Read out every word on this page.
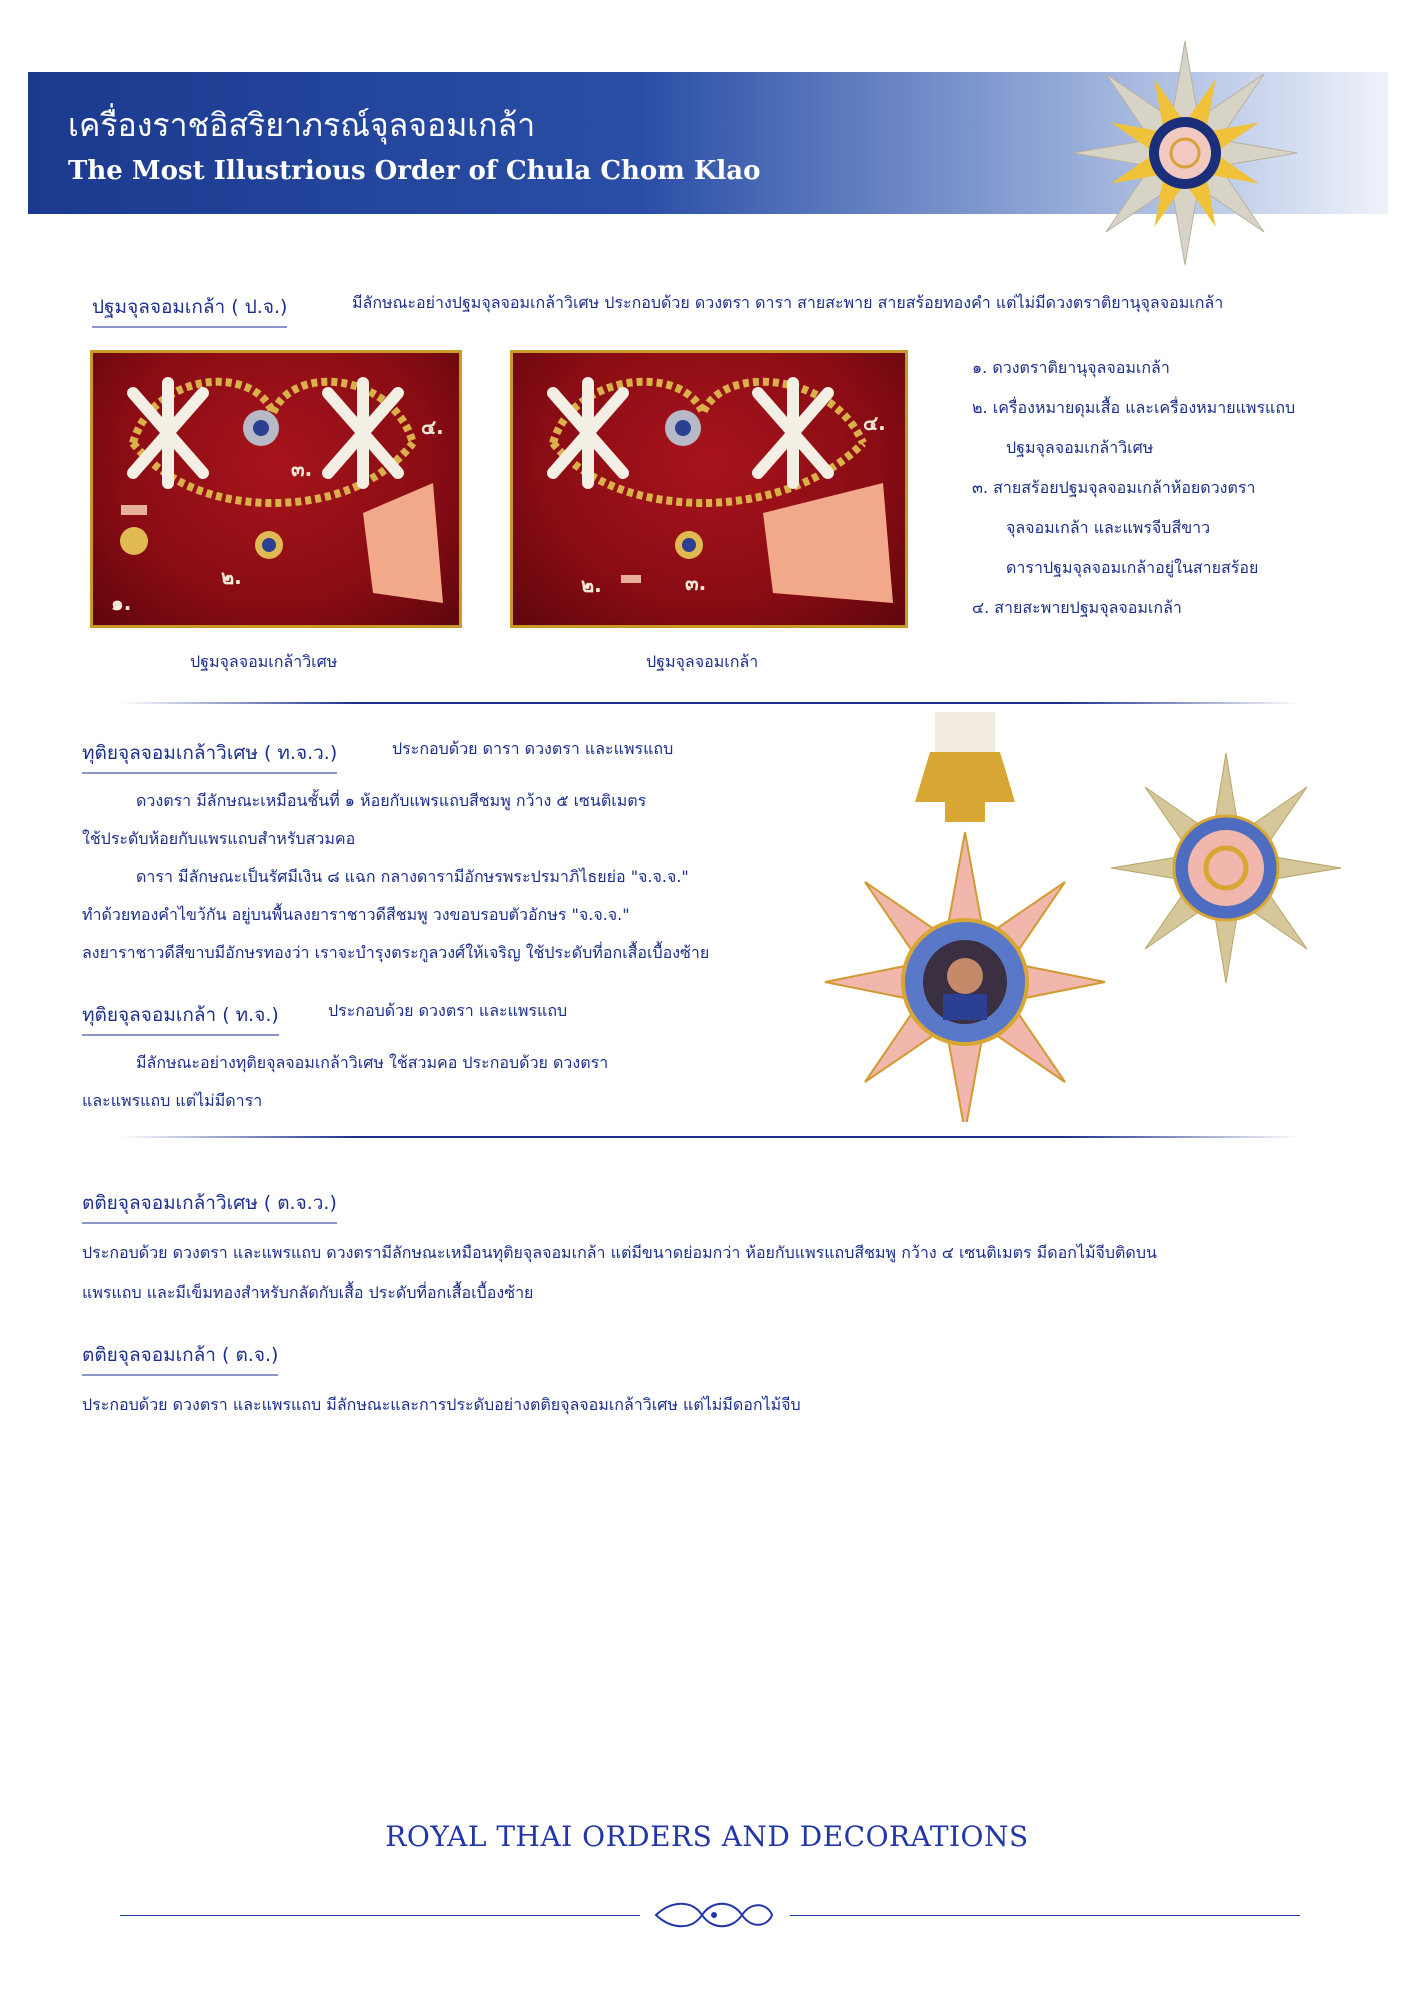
เครื่องราชอิสริยาภรณ์จุลจอมเกล้า
The Most Illustrious Order of Chula Chom Klao
ปฐมจุลจอมเกล้า ( ป.จ.)	มีลักษณะอย่างปฐมจุลจอมเกล้าวิเศษ ประกอบด้วย ดวงตรา ดารา สายสะพาย สายสร้อยทองคำ แต่ไม่มีดวงตราติยานุจุลจอมเกล้า
๑.
๒.
๓.
๔.
ปฐมจุลจอมเกล้าวิเศษ
๒.	๓.
๔.
ปฐมจุลจอมเกล้า
๑. ดวงตราติยานุจุลจอมเกล้า
๒. เครื่องหมายดุมเสื้อ และเครื่องหมายแพรแถบ
ปฐมจุลจอมเกล้าวิเศษ
๓. สายสร้อยปฐมจุลจอมเกล้าห้อยดวงตรา
จุลจอมเกล้า และแพรจีบสีขาว
ดาราปฐมจุลจอมเกล้าอยู่ในสายสร้อย
๔. สายสะพายปฐมจุลจอมเกล้า
ทุติยจุลจอมเกล้าวิเศษ ( ท.จ.ว.)	ประกอบด้วย ดารา ดวงตรา และแพรแถบ
ดวงตรา มีลักษณะเหมือนชั้นที่ ๑ ห้อยกับแพรแถบสีชมพู กว้าง ๕ เซนติเมตร
ใช้ประดับห้อยกับแพรแถบสำหรับสวมคอ
ดารา มีลักษณะเป็นรัศมีเงิน ๘ แฉก กลางดารามีอักษรพระปรมาภิไธยย่อ "จ.จ.จ."
ทำด้วยทองคำไขว้กัน อยู่บนพื้นลงยาราชาวดีสีชมพู วงขอบรอบตัวอักษร "จ.จ.จ."
ลงยาราชาวดีสีขาบมีอักษรทองว่า เราจะบำรุงตระกูลวงศ์ให้เจริญ ใช้ประดับที่อกเสื้อเบื้องซ้าย
ทุติยจุลจอมเกล้า ( ท.จ.)	ประกอบด้วย ดวงตรา และแพรแถบ
มีลักษณะอย่างทุติยจุลจอมเกล้าวิเศษ ใช้สวมคอ ประกอบด้วย ดวงตรา
และแพรแถบ แต่ไม่มีดารา
ตติยจุลจอมเกล้าวิเศษ ( ต.จ.ว.)
ประกอบด้วย ดวงตรา และแพรแถบ ดวงตรามีลักษณะเหมือนทุติยจุลจอมเกล้า แต่มีขนาดย่อมกว่า ห้อยกับแพรแถบสีชมพู กว้าง ๔ เซนติเมตร มีดอกไม้จีบติดบน
แพรแถบ และมีเข็มทองสำหรับกลัดกับเสื้อ ประดับที่อกเสื้อเบื้องซ้าย
ตติยจุลจอมเกล้า ( ต.จ.)
ประกอบด้วย ดวงตรา และแพรแถบ มีลักษณะและการประดับอย่างตติยจุลจอมเกล้าวิเศษ แต่ไม่มีดอกไม้จีบ
ROYAL THAI ORDERS AND DECORATIONS
